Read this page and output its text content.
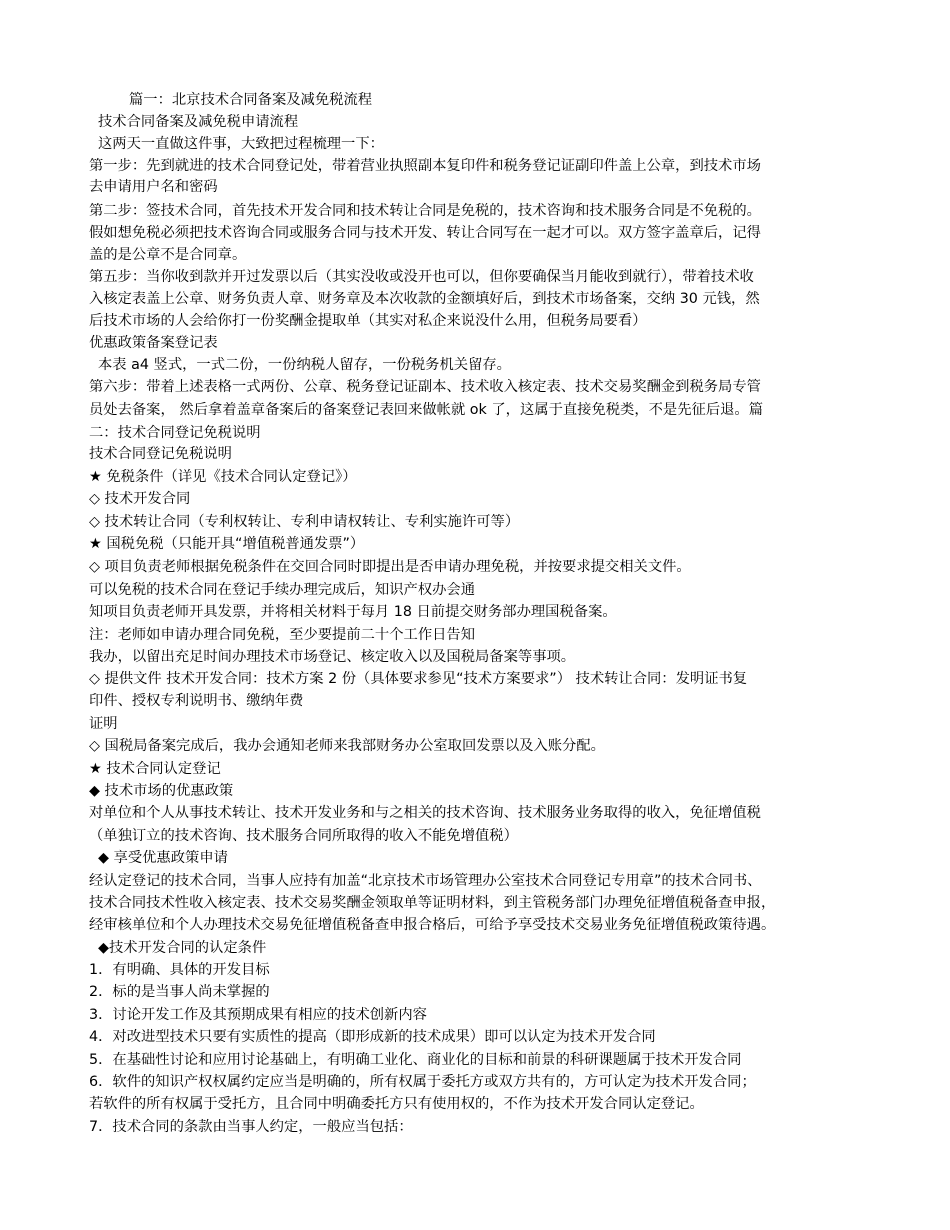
篇一：北京技术合同备案及减免税流程
技术合同备案及减免税申请流程
这两天一直做这件事，大致把过程梳理一下：
第一步：先到就进的技术合同登记处，带着营业执照副本复印件和税务登记证副印件盖上公章，到技术市场
去申请用户名和密码
第二步：签技术合同，首先技术开发合同和技术转让合同是免税的，技术咨询和技术服务合同是不免税的。
假如想免税必须把技术咨询合同或服务合同与技术开发、转让合同写在一起才可以。双方签字盖章后，记得
盖的是公章不是合同章。
第五步：当你收到款并开过发票以后（其实没收或没开也可以，但你要确保当月能收到就行），带着技术收
入核定表盖上公章、财务负责人章、财务章及本次收款的金额填好后，到技术市场备案，交纳 30 元钱，然
后技术市场的人会给你打一份奖酬金提取单（其实对私企来说没什么用，但税务局要看）
优惠政策备案登记表
本表 a4 竖式，一式二份，一份纳税人留存，一份税务机关留存。
第六步：带着上述表格一式两份、公章、税务登记证副本、技术收入核定表、技术交易奖酬金到税务局专管
员处去备案， 然后拿着盖章备案后的备案登记表回来做帐就 ok 了，这属于直接免税类，不是先征后退。篇
二：技术合同登记免税说明
技术合同登记免税说明
★ 免税条件（详见《技术合同认定登记》）
◇ 技术开发合同
◇ 技术转让合同（专利权转让、专利申请权转让、专利实施许可等）
★ 国税免税（只能开具“增值税普通发票”）
◇ 项目负责老师根据免税条件在交回合同时即提出是否申请办理免税，并按要求提交相关文件。
可以免税的技术合同在登记手续办理完成后，知识产权办会通
知项目负责老师开具发票，并将相关材料于每月 18 日前提交财务部办理国税备案。
注：老师如申请办理合同免税，至少要提前二十个工作日告知
我办，以留出充足时间办理技术市场登记、核定收入以及国税局备案等事项。
◇ 提供文件 技术开发合同：技术方案 2 份（具体要求参见“技术方案要求”） 技术转让合同：发明证书复
印件、授权专利说明书、缴纳年费
证明
◇ 国税局备案完成后，我办会通知老师来我部财务办公室取回发票以及入账分配。
★ 技术合同认定登记
◆ 技术市场的优惠政策
对单位和个人从事技术转让、技术开发业务和与之相关的技术咨询、技术服务业务取得的收入，免征增值税
（单独订立的技术咨询、技术服务合同所取得的收入不能免增值税）
◆ 享受优惠政策申请
经认定登记的技术合同，当事人应持有加盖“北京技术市场管理办公室技术合同登记专用章”的技术合同书、
技术合同技术性收入核定表、技术交易奖酬金领取单等证明材料，到主管税务部门办理免征增值税备查申报，
经审核单位和个人办理技术交易免征增值税备查申报合格后，可给予享受技术交易业务免征增值税政策待遇。
◆技术开发合同的认定条件
1．有明确、具体的开发目标
2．标的是当事人尚未掌握的
3．讨论开发工作及其预期成果有相应的技术创新内容
4．对改进型技术只要有实质性的提高（即形成新的技术成果）即可以认定为技术开发合同
5．在基础性讨论和应用讨论基础上，有明确工业化、商业化的目标和前景的科研课题属于技术开发合同
6．软件的知识产权权属约定应当是明确的，所有权属于委托方或双方共有的，方可认定为技术开发合同；
若软件的所有权属于受托方，且合同中明确委托方只有使用权的，不作为技术开发合同认定登记。
7．技术合同的条款由当事人约定，一般应当包括：
